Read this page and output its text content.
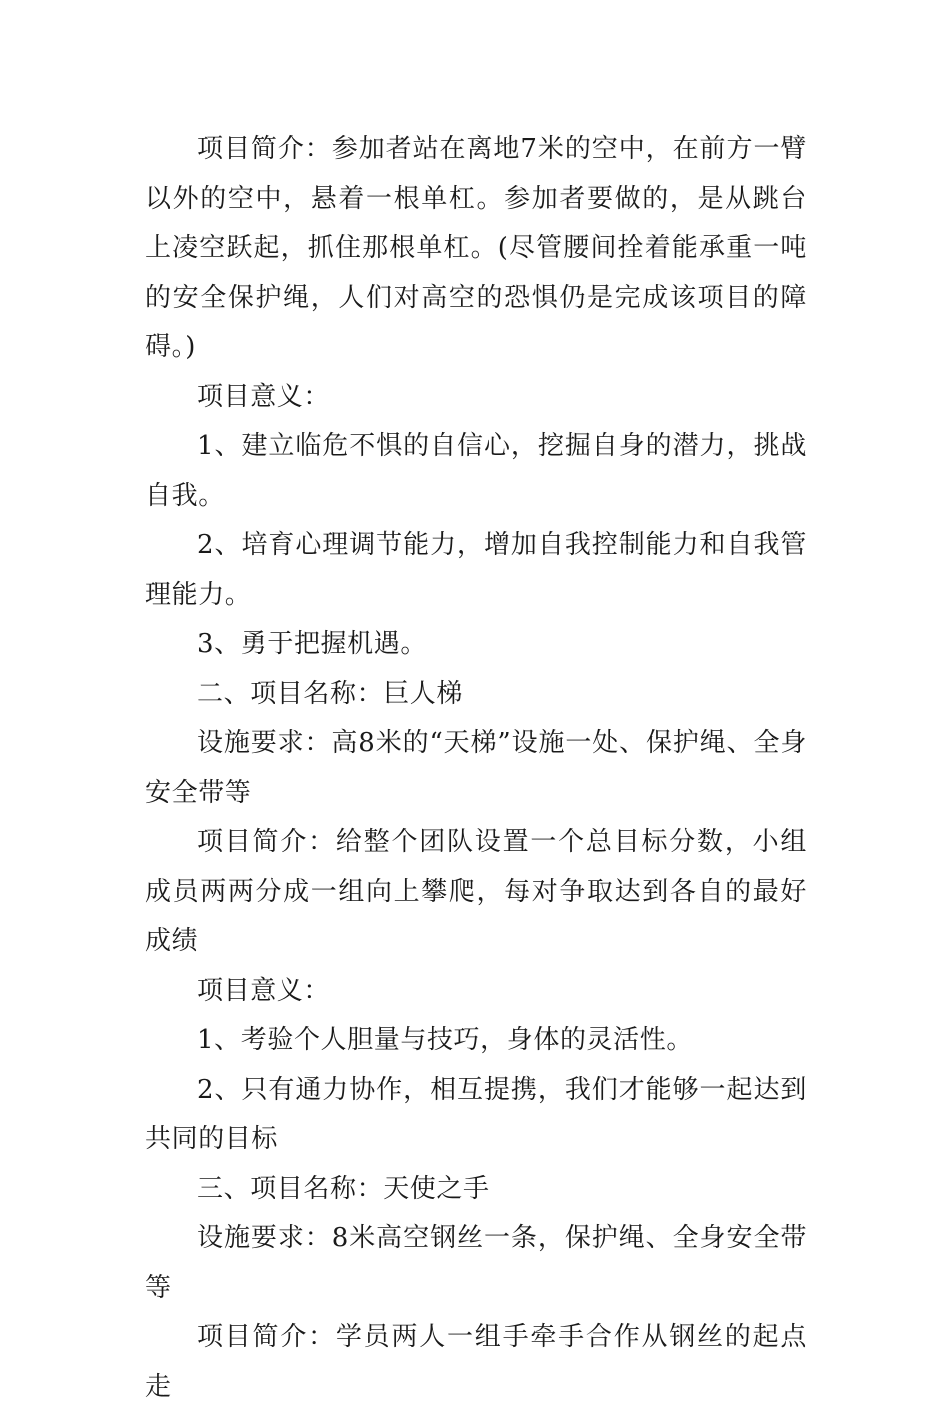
项目简介：参加者站在离地7米的空中，在前方一臂以外的空中，悬着一根单杠。参加者要做的，是从跳台上凌空跃起，抓住那根单杠。(尽管腰间拴着能承重一吨的安全保护绳，人们对高空的恐惧仍是完成该项目的障碍。)

项目意义：

1、建立临危不惧的自信心，挖掘自身的潜力，挑战自我。

2、培育心理调节能力，增加自我控制能力和自我管理能力。

3、勇于把握机遇。

二、项目名称：巨人梯

设施要求：高8米的“天梯”设施一处、保护绳、全身安全带等

项目简介：给整个团队设置一个总目标分数，小组成员两两分成一组向上攀爬，每对争取达到各自的最好成绩

项目意义：

1、考验个人胆量与技巧，身体的灵活性。

2、只有通力协作，相互提携，我们才能够一起达到共同的目标

三、项目名称：天使之手

设施要求：8米高空钢丝一条，保护绳、全身安全带等

项目简介：学员两人一组手牵手合作从钢丝的起点走
